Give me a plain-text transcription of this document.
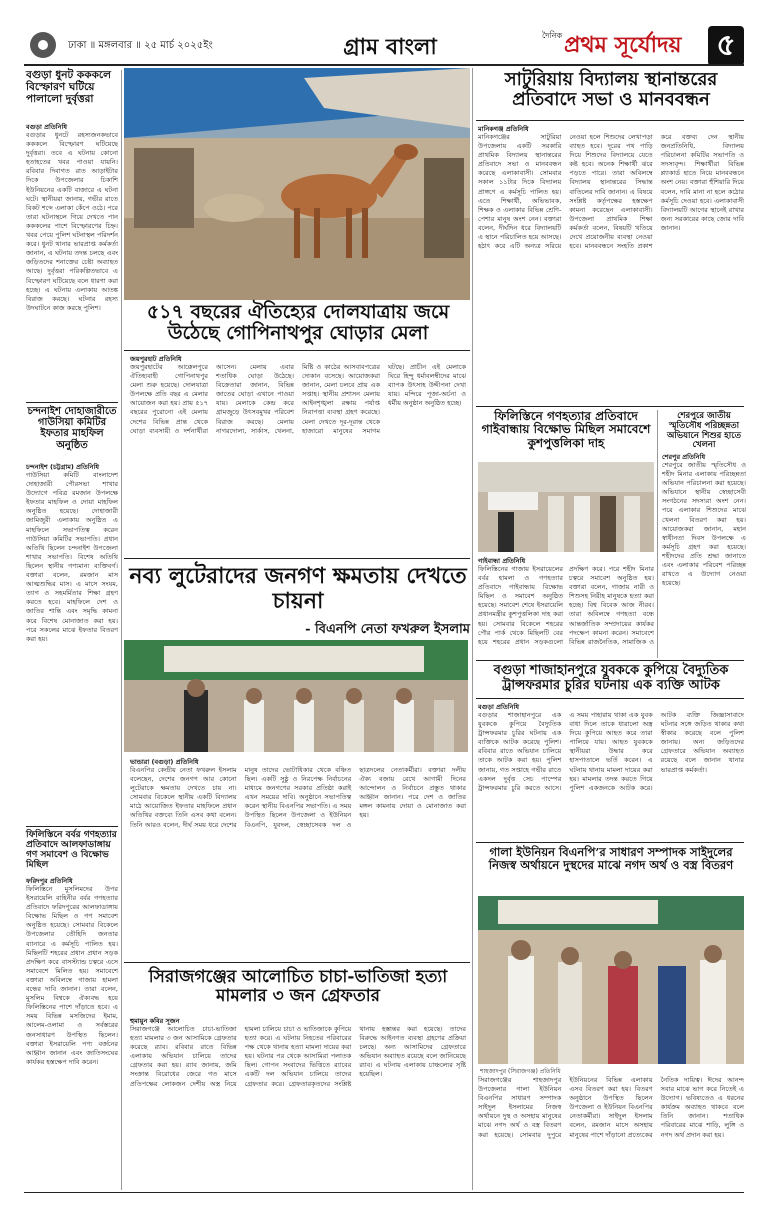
ঢাকা ॥ মঙ্গলবার ॥ ২৫ মার্চ ২০২৫ইং	গ্রাম বাংলা	দৈনিক প্রথম সূর্যোদয়	৫
বগুড়া ধুনট কককলে বিস্ফোরণ ঘটিয়ে পালালো দুর্বৃত্তরা
বগুড়া প্রতিনিধি
বগুড়ার ধুনটে রহস্যজনকভাবে কককলে বিস্ফোরণ ঘটিয়েছে দুর্বৃত্তরা। তবে এ ঘটনায় কোনো হতাহতের খবর পাওয়া যায়নি। রবিবার দিবাগত রাত আড়াইটার দিকে উপজেলার চিকাশি ইউনিয়নের একটি বাজারে এ ঘটনা ঘটে। স্থানীয়রা জানায়, গভীর রাতে বিকট শব্দে এলাকা কেঁপে ওঠে। পরে তারা ঘটনাস্থলে গিয়ে দেখতে পান কককলের পাশে বিস্ফোরণের চিহ্ন। খবর পেয়ে পুলিশ ঘটনাস্থল পরিদর্শন করে। ধুনট থানার ভারপ্রাপ্ত কর্মকর্তা জানান, এ ঘটনায় তদন্ত চলছে এবং জড়িতদের শনাক্তের চেষ্টা অব্যাহত আছে। দুর্বৃত্তরা পরিকল্পিতভাবে এ বিস্ফোরণ ঘটিয়েছে বলে ধারণা করা হচ্ছে। এ ঘটনায় এলাকায় আতঙ্ক বিরাজ করছে। ঘটনার রহস্য উদঘাটনে কাজ করছে পুলিশ।
চন্দনাইশ দোহাজারীতে গাউসিয়া কমিটির ইফতার মাহফিল অনুষ্ঠিত
চন্দনাইশ (চট্টগ্রাম) প্রতিনিধি
গাউসিয়া কমিটি বাংলাদেশ দোহাজারী পৌরসভা শাখার উদ্যোগে পবিত্র রমজান উপলক্ষে ইফতার মাহফিল ও দোয়া মাহফিল অনুষ্ঠিত হয়েছে। দোহাজারী জামিজুরী এলাকায় অনুষ্ঠিত এ মাহফিলে সভাপতিত্ব করেন গাউসিয়া কমিটির সভাপতি। প্রধান অতিথি ছিলেন চন্দনাইশ উপজেলা শাখার সভাপতি। বিশেষ অতিথি ছিলেন স্থানীয় গণ্যমান্য ব্যক্তিবর্গ। বক্তারা বলেন, রমজান মাস আত্মশুদ্ধির মাস। এ মাসে সংযম, ত্যাগ ও সহমর্মিতার শিক্ষা গ্রহণ করতে হবে। মাহফিলে দেশ ও জাতির শান্তি এবং সমৃদ্ধি কামনা করে বিশেষ মোনাজাত করা হয়। পরে সকলের মাঝে ইফতার বিতরণ করা হয়।
ফিলিস্তিনে বর্বর গণহত্যার প্রতিবাদে আলফাডাঙ্গায় গণ সমাবেশ ও বিক্ষোভ মিছিল
ফরিদপুর প্রতিনিধি
ফিলিস্তিনে মুসলিমদের উপর ইসরায়েলি বাহিনীর বর্বর গণহত্যার প্রতিবাদে ফরিদপুরের আলফাডাঙ্গায় বিক্ষোভ মিছিল ও গণ সমাবেশ অনুষ্ঠিত হয়েছে। সোমবার বিকেলে উপজেলার তৌহিদি জনতার ব্যানারে এ কর্মসূচি পালিত হয়। মিছিলটি শহরের প্রধান প্রধান সড়ক প্রদক্ষিণ করে বাসস্ট্যান্ড চত্বরে এসে সমাবেশে মিলিত হয়। সমাবেশে বক্তারা অবিলম্বে গাজায় হামলা বন্ধের দাবি জানান। তারা বলেন, মুসলিম বিশ্বকে ঐক্যবদ্ধ হয়ে ফিলিস্তিনের পাশে দাঁড়াতে হবে। এ সময় বিভিন্ন মসজিদের ইমাম, আলেম-ওলামা ও সর্বস্তরের জনসাধারণ উপস্থিত ছিলেন। বক্তারা ইসরায়েলি পণ্য বর্জনের আহ্বান জানান এবং জাতিসংঘের কার্যকর হস্তক্ষেপ দাবি করেন।
৫১৭ বছরের ঐতিহ্যের দোলযাত্রায় জমে উঠেছে গোপিনাথপুর ঘোড়ার মেলা
জয়পুরহাট প্রতিনিধি
জয়পুরহাটের আক্কেলপুরে ঐতিহ্যবাহী গোপিনাথপুর মেলা শুরু হয়েছে। দোলযাত্রা উপলক্ষে প্রতি বছর এ মেলার আয়োজন করা হয়। প্রায় ৫১৭ বছরের পুরোনো এই মেলায় দেশের বিভিন্ন প্রান্ত থেকে ঘোড়া ব্যবসায়ী ও দর্শনার্থীরা আসেন। মেলায় এবার শতাধিক ঘোড়া উঠেছে। বিক্রেতারা জানান, বিভিন্ন জাতের ঘোড়া এখানে পাওয়া যায়। মেলাকে কেন্দ্র করে গ্রামজুড়ে উৎসবমুখর পরিবেশ বিরাজ করছে। মেলায় নাগরদোলা, সার্কাস, খেলনা, মিষ্টি ও কাঠের আসবাবপত্রের দোকান বসেছে। আয়োজকরা জানান, মেলা চলবে প্রায় এক সপ্তাহ। স্থানীয় প্রশাসন মেলায় আইনশৃঙ্খলা রক্ষায় পর্যাপ্ত নিরাপত্তা ব্যবস্থা গ্রহণ করেছে। মেলা দেখতে দূর-দূরান্ত থেকে হাজারো মানুষের সমাগম ঘটছে। প্রাচীন এই মেলাকে ঘিরে হিন্দু ধর্মাবলম্বীদের মাঝে ব্যাপক উৎসাহ উদ্দীপনা দেখা যায়। মন্দিরে পূজা-অর্চনা ও ধর্মীয় অনুষ্ঠান অনুষ্ঠিত হচ্ছে।
নব্য লুটেরাদের জনগণ ক্ষমতায় দেখতে চায়না
- বিএনপি নেতা ফখরুল ইসলাম
ভান্ডারা (বগুড়া) প্রতিনিধি
বিএনপির কেন্দ্রীয় নেতা ফখরুল ইসলাম বলেছেন, দেশের জনগণ আর কোনো লুটেরাকে ক্ষমতায় দেখতে চায় না। সোমবার বিকেলে স্থানীয় একটি বিদ্যালয় মাঠে আয়োজিত ইফতার মাহফিলে প্রধান অতিথির বক্তব্যে তিনি এসব কথা বলেন। তিনি আরও বলেন, দীর্ঘ সময় ধরে দেশের মানুষ তাদের ভোটাধিকার থেকে বঞ্চিত ছিল। একটি সুষ্ঠু ও নিরপেক্ষ নির্বাচনের মাধ্যমে জনগণের সরকার প্রতিষ্ঠা করাই এখন সময়ের দাবি। অনুষ্ঠানে সভাপতিত্ব করেন স্থানীয় বিএনপির সভাপতি। এ সময় উপস্থিত ছিলেন উপজেলা ও ইউনিয়ন বিএনপি, যুবদল, স্বেচ্ছাসেবক দল ও ছাত্রদলের নেতাকর্মীরা। বক্তারা দলীয় ঐক্য বজায় রেখে আগামী দিনের আন্দোলন ও নির্বাচনে প্রস্তুত থাকার আহ্বান জানান। পরে দেশ ও জাতির মঙ্গল কামনায় দোয়া ও মোনাজাত করা হয়।
সিরাজগঞ্জের আলোচিত চাচা-ভাতিজা হত্যা মামলার ৩ জন গ্রেফতার
হুমায়ুন কবির সূজন
সিরাজগঞ্জে আলোচিত চাচা-ভাতিজা হত্যা মামলার ৩ জন আসামিকে গ্রেফতার করেছে র‍্যাব। রবিবার রাতে বিভিন্ন এলাকায় অভিযান চালিয়ে তাদের গ্রেফতার করা হয়। র‍্যাব জানায়, জমি সংক্রান্ত বিরোধের জেরে গত মাসে প্রতিপক্ষের লোকজন দেশীয় অস্ত্র নিয়ে হামলা চালিয়ে চাচা ও ভাতিজাকে কুপিয়ে হত্যা করে। এ ঘটনায় নিহতের পরিবারের পক্ষ থেকে থানায় হত্যা মামলা দায়ের করা হয়। ঘটনার পর থেকে আসামিরা পলাতক ছিল। গোপন সংবাদের ভিত্তিতে র‍্যাবের একটি দল অভিযান চালিয়ে তাদের গ্রেফতার করে। গ্রেফতারকৃতদের সংশ্লিষ্ট থানায় হস্তান্তর করা হয়েছে। তাদের বিরুদ্ধে আইনগত ব্যবস্থা গ্রহণের প্রক্রিয়া চলছে। অন্য আসামিদের গ্রেফতারে অভিযান অব্যাহত রয়েছে বলে জানিয়েছে র‍্যাব। এ ঘটনায় এলাকায় চাঞ্চল্যের সৃষ্টি হয়েছিল।
সাটুরিয়ায় বিদ্যালয় স্থানান্তরের প্রতিবাদে সভা ও মানববন্ধন
মানিকগঞ্জ প্রতিনিধি
মানিকগঞ্জের সাটুরিয়া উপজেলায় একটি সরকারি প্রাথমিক বিদ্যালয় স্থানান্তরের প্রতিবাদে সভা ও মানববন্ধন করেছে এলাকাবাসী। সোমবার সকাল ১১টার দিকে বিদ্যালয় প্রাঙ্গণে এ কর্মসূচি পালিত হয়। এতে শিক্ষার্থী, অভিভাবক, শিক্ষক ও এলাকার বিভিন্ন শ্রেণি-পেশার মানুষ অংশ নেন। বক্তারা বলেন, দীর্ঘদিন ধরে বিদ্যালয়টি এ স্থানে পরিচালিত হয়ে আসছে। হঠাৎ করে এটি অন্যত্র সরিয়ে নেওয়া হলে শিশুদের লেখাপড়া ব্যাহত হবে। দূরের পথ পাড়ি দিয়ে শিশুদের বিদ্যালয়ে যেতে কষ্ট হবে। অনেক শিক্ষার্থী ঝরে পড়তে পারে। তারা অবিলম্বে বিদ্যালয় স্থানান্তরের সিদ্ধান্ত বাতিলের দাবি জানান। এ বিষয়ে সংশ্লিষ্ট কর্তৃপক্ষের হস্তক্ষেপ কামনা করেছেন এলাকাবাসী। উপজেলা প্রাথমিক শিক্ষা কর্মকর্তা বলেন, বিষয়টি খতিয়ে দেখে প্রয়োজনীয় ব্যবস্থা নেওয়া হবে। মানববন্ধনে সংহতি প্রকাশ করে বক্তব্য দেন স্থানীয় জনপ্রতিনিধি, বিদ্যালয় পরিচালনা কমিটির সভাপতি ও সদস্যবৃন্দ। শিক্ষার্থীরা বিভিন্ন প্ল্যাকার্ড হাতে নিয়ে মানববন্ধনে অংশ নেয়। বক্তারা হুঁশিয়ারি দিয়ে বলেন, দাবি মানা না হলে কঠোর কর্মসূচি দেওয়া হবে। এলাকাবাসী বিদ্যালয়টি আগের স্থানেই রাখার জন্য সরকারের কাছে জোর দাবি জানান।
ফিলিস্তিনে গণহত্যার প্রতিবাদে গাইবান্ধায় বিক্ষোভ মিছিল সমাবেশে কুশপুত্তলিকা দাহ
গাইবান্ধা প্রতিনিধি
ফিলিস্তিনের গাজায় ইসরায়েলের বর্বর হামলা ও গণহত্যার প্রতিবাদে গাইবান্ধায় বিক্ষোভ মিছিল ও সমাবেশ অনুষ্ঠিত হয়েছে। সমাবেশ শেষে ইসরায়েলি প্রধানমন্ত্রীর কুশপুত্তলিকা দাহ করা হয়। সোমবার বিকেলে শহরের পৌর পার্ক থেকে মিছিলটি বের হয়ে শহরের প্রধান সড়কগুলো প্রদক্ষিণ করে। পরে শহীদ মিনার চত্বরে সমাবেশ অনুষ্ঠিত হয়। বক্তারা বলেন, গাজায় নারী ও শিশুসহ নিরীহ মানুষকে হত্যা করা হচ্ছে। বিশ্ব বিবেক আজ নীরব। তারা অবিলম্বে গণহত্যা বন্ধে আন্তর্জাতিক সম্প্রদায়ের কার্যকর পদক্ষেপ কামনা করেন। সমাবেশে বিভিন্ন রাজনৈতিক, সামাজিক ও
শেরপুরে জাতীয় স্মৃতিসৌধ পরিচ্ছন্নতা অভিযানে শিশুর হাতে খেলনা
শেরপুর প্রতিনিধি
শেরপুরে জাতীয় স্মৃতিসৌধ ও শহীদ মিনার এলাকায় পরিচ্ছন্নতা অভিযান পরিচালনা করা হয়েছে। অভিযানে স্থানীয় স্বেচ্ছাসেবী সংগঠনের সদস্যরা অংশ নেন। পরে এলাকার শিশুদের মাঝে খেলনা বিতরণ করা হয়। আয়োজকরা জানান, মহান স্বাধীনতা দিবস উপলক্ষে এ কর্মসূচি গ্রহণ করা হয়েছে। শহীদদের প্রতি শ্রদ্ধা জানাতে এবং এলাকার পরিবেশ পরিচ্ছন্ন রাখতে এ উদ্যোগ নেওয়া হয়েছে।
বগুড়া শাজাহানপুরে যুবককে কুপিয়ে বৈদ্যুতিক ট্রান্সফরমার চুরির ঘটনায় এক ব্যক্তি আটক
বগুড়া প্রতিনিধি
বগুড়ার শাজাহানপুরে এক যুবককে কুপিয়ে বৈদ্যুতিক ট্রান্সফরমার চুরির ঘটনায় এক ব্যক্তিকে আটক করেছে পুলিশ। রবিবার রাতে অভিযান চালিয়ে তাকে আটক করা হয়। পুলিশ জানায়, গত সপ্তাহে গভীর রাতে একদল দুর্বৃত্ত সেচ পাম্পের ট্রান্সফরমার চুরি করতে আসে। এ সময় পাহারায় থাকা এক যুবক বাধা দিলে তাকে ধারালো অস্ত্র দিয়ে কুপিয়ে আহত করে তারা পালিয়ে যায়। আহত যুবককে স্থানীয়রা উদ্ধার করে হাসপাতালে ভর্তি করেন। এ ঘটনায় থানায় মামলা দায়ের করা হয়। মামলার তদন্ত করতে গিয়ে পুলিশ একজনকে আটক করে। আটক ব্যক্তি জিজ্ঞাসাবাদে ঘটনার সঙ্গে জড়িত থাকার কথা স্বীকার করেছে বলে পুলিশ জানায়। অন্য জড়িতদের গ্রেফতারে অভিযান অব্যাহত রয়েছে বলে জানান থানার ভারপ্রাপ্ত কর্মকর্তা।
গালা ইউনিয়ন বিএনপি’র সাধারণ সম্পাদক সাইদুলের নিজস্ব অর্থায়নে দুস্থদের মাঝে নগদ অর্থ ও বস্ত্র বিতরণ
শাহজাদপুর (সিরাজগঞ্জ) প্রতিনিধি
সিরাজগঞ্জের শাহজাদপুর উপজেলার গালা ইউনিয়ন বিএনপির সাধারণ সম্পাদক সাইদুল ইসলামের নিজস্ব অর্থায়নে দুস্থ ও অসহায় মানুষের মাঝে নগদ অর্থ ও বস্ত্র বিতরণ করা হয়েছে। সোমবার দুপুরে ইউনিয়নের বিভিন্ন এলাকায় এসব বিতরণ করা হয়। বিতরণ অনুষ্ঠানে উপস্থিত ছিলেন উপজেলা ও ইউনিয়ন বিএনপির নেতাকর্মীরা। সাইদুল ইসলাম বলেন, রমজান মাসে অসহায় মানুষের পাশে দাঁড়ানো প্রত্যেকের নৈতিক দায়িত্ব। ঈদের আনন্দ সবার মাঝে ভাগ করে নিতেই এ উদ্যোগ। ভবিষ্যতেও এ ধরনের কার্যক্রম অব্যাহত থাকবে বলে তিনি জানান। শতাধিক পরিবারের মাঝে শাড়ি, লুঙ্গি ও নগদ অর্থ প্রদান করা হয়।
